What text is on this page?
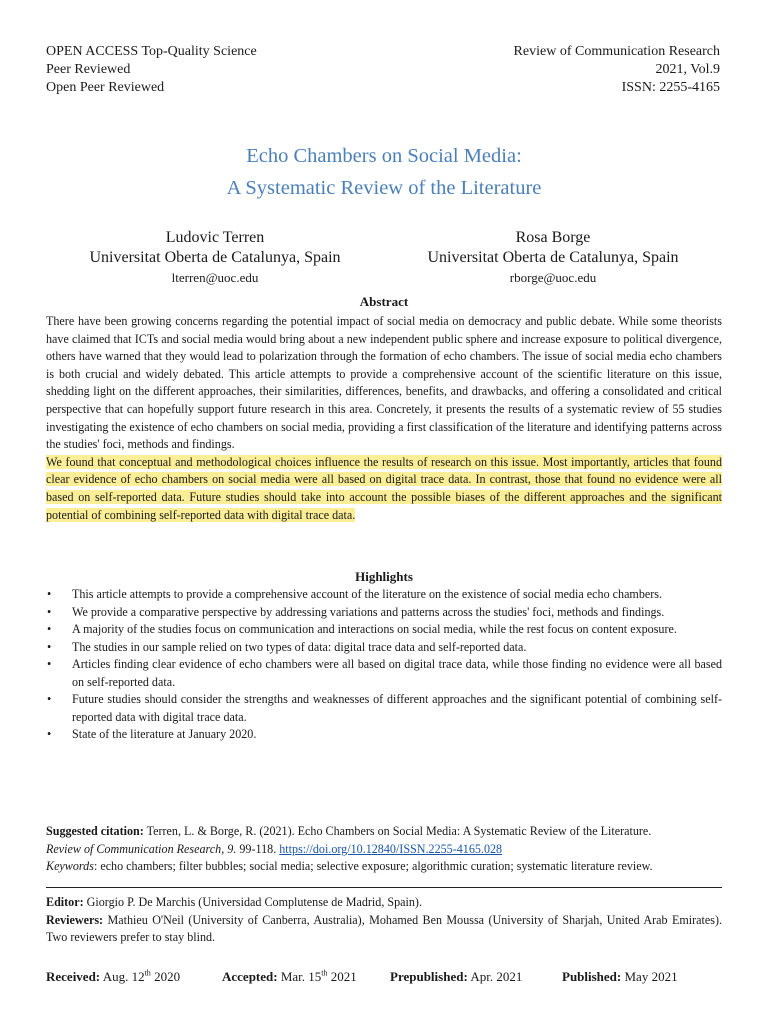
OPEN ACCESS Top-Quality Science
Peer Reviewed
Open Peer Reviewed
Review of Communication Research
2021, Vol.9
ISSN: 2255-4165
Echo Chambers on Social Media:
A Systematic Review of the Literature
Ludovic Terren
Universitat Oberta de Catalunya, Spain
lterren@uoc.edu
Rosa Borge
Universitat Oberta de Catalunya, Spain
rborge@uoc.edu
Abstract

There have been growing concerns regarding the potential impact of social media on democracy and public debate. While some theorists have claimed that ICTs and social media would bring about a new independent public sphere and increase exposure to political divergence, others have warned that they would lead to polarization through the formation of echo chambers. The issue of social media echo chambers is both crucial and widely debated. This article attempts to provide a comprehensive account of the scientific literature on this issue, shedding light on the different approaches, their similarities, differences, benefits, and drawbacks, and offering a consolidated and critical perspective that can hopefully support future research in this area. Concretely, it presents the results of a systematic review of 55 studies investigating the existence of echo chambers on social media, providing a first classification of the literature and identifying patterns across the studies' foci, methods and findings.

We found that conceptual and methodological choices influence the results of research on this issue. Most importantly, articles that found clear evidence of echo chambers on social media were all based on digital trace data. In contrast, those that found no evidence were all based on self-reported data. Future studies should take into account the possible biases of the different approaches and the significant potential of combining self-reported data with digital trace data.

Highlights
• This article attempts to provide a comprehensive account of the literature on the existence of social media echo chambers.
• We provide a comparative perspective by addressing variations and patterns across the studies' foci, methods and findings.
• A majority of the studies focus on communication and interactions on social media, while the rest focus on content exposure.
• The studies in our sample relied on two types of data: digital trace data and self-reported data.
• Articles finding clear evidence of echo chambers were all based on digital trace data, while those finding no evidence were all based on self-reported data.
• Future studies should consider the strengths and weaknesses of different approaches and the significant potential of combining self-reported data with digital trace data.
• State of the literature at January 2020.
Suggested citation: Terren, L. & Borge, R. (2021). Echo Chambers on Social Media: A Systematic Review of the Literature.
Review of Communication Research, 9. 99-118. https://doi.org/10.12840/ISSN.2255-4165.028
Keywords: echo chambers; filter bubbles; social media; selective exposure; algorithmic curation; systematic literature review.
Editor: Giorgio P. De Marchis (Universidad Complutense de Madrid, Spain).
Reviewers: Mathieu O'Neil (University of Canberra, Australia), Mohamed Ben Moussa (University of Sharjah, United Arab Emirates). Two reviewers prefer to stay blind.
Received: Aug. 12th 2020	Accepted: Mar. 15th 2021	Prepublished: Apr. 2021	Published: May 2021
